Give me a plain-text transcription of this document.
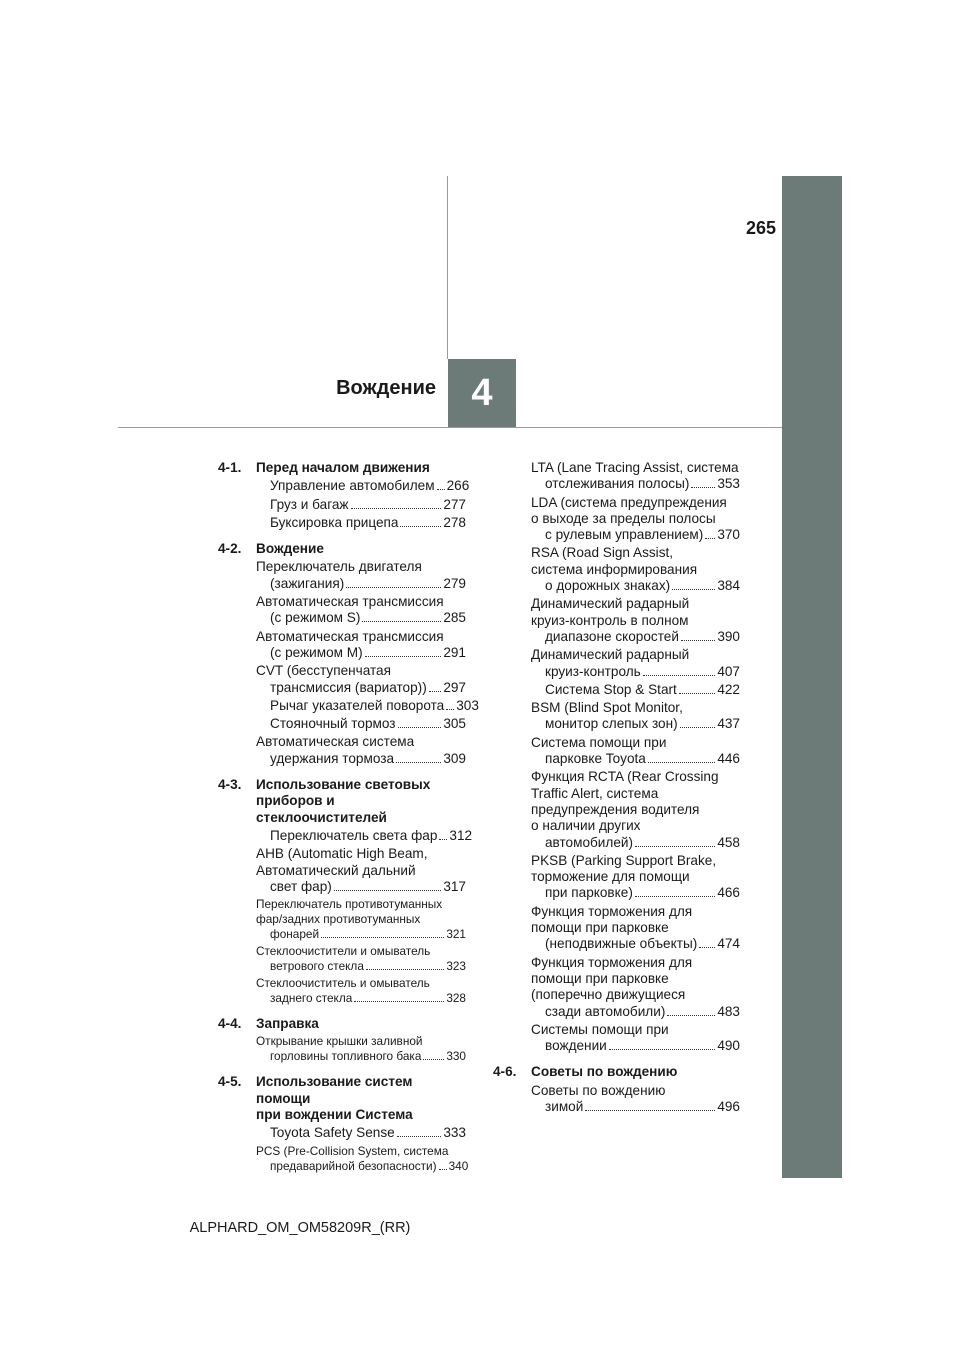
265
4
Вождение
4-1. Перед началом движения
Управление автомобилем 266
Груз и багаж	277
Буксировка прицепа	278
4-2. Вождение
Переключатель двигателя
(зажигания)	279
Автоматическая трансмиссия
(с режимом S)	285
Автоматическая трансмиссия
(с режимом M)	291
CVT (бесступенчатая
трансмиссия (вариатор)) 297
Рычаг указателей поворота 303
Стояночный тормоз	305
Автоматическая система
удержания тормоза	309
4-3. Использование световых
приборов и стеклоочистителей
Переключатель света фар 312
AHB (Automatic High Beam,
Автоматический дальний
свет фар)	317
Переключатель противотуманных
фар/задних противотуманных
фонарей	321
Стеклоочистители и омыватель
ветрового стекла	323
Стеклоочиститель и омыватель
заднего стекла	328
4-4. Заправка
Открывание крышки заливной
горловины топливного бака 330
4-5. Использование систем помощи
при вождении Система
Toyota Safety Sense	333
PCS (Pre-Collision System, система
предаварийной безопасности) 340
LTA (Lane Tracing Assist, система
отслеживания полосы) 353
LDA (система предупреждения
о выходе за пределы полосы
с рулевым управлением) 370
RSA (Road Sign Assist,
система информирования
о дорожных знаках)	384
Динамический радарный
круиз-контроль в полном
диапазоне скоростей	390
Динамический радарный
круиз-контроль	407
Система Stop & Start	422
BSM (Blind Spot Monitor,
монитор слепых зон)	437
Система помощи при
парковке Toyota	446
Функция RCTA (Rear Crossing
Traffic Alert, система
предупреждения водителя
о наличии других
автомобилей)	458
PKSB (Parking Support Brake,
торможение для помощи
при парковке)	466
Функция торможения для
помощи при парковке
(неподвижные объекты) 474
Функция торможения для
помощи при парковке
(поперечно движущиеся
сзади автомобили)	483
Системы помощи при
вождении	490
4-6. Советы по вождению
Советы по вождению
зимой	496
ALPHARD_OM_OM58209R_(RR)
